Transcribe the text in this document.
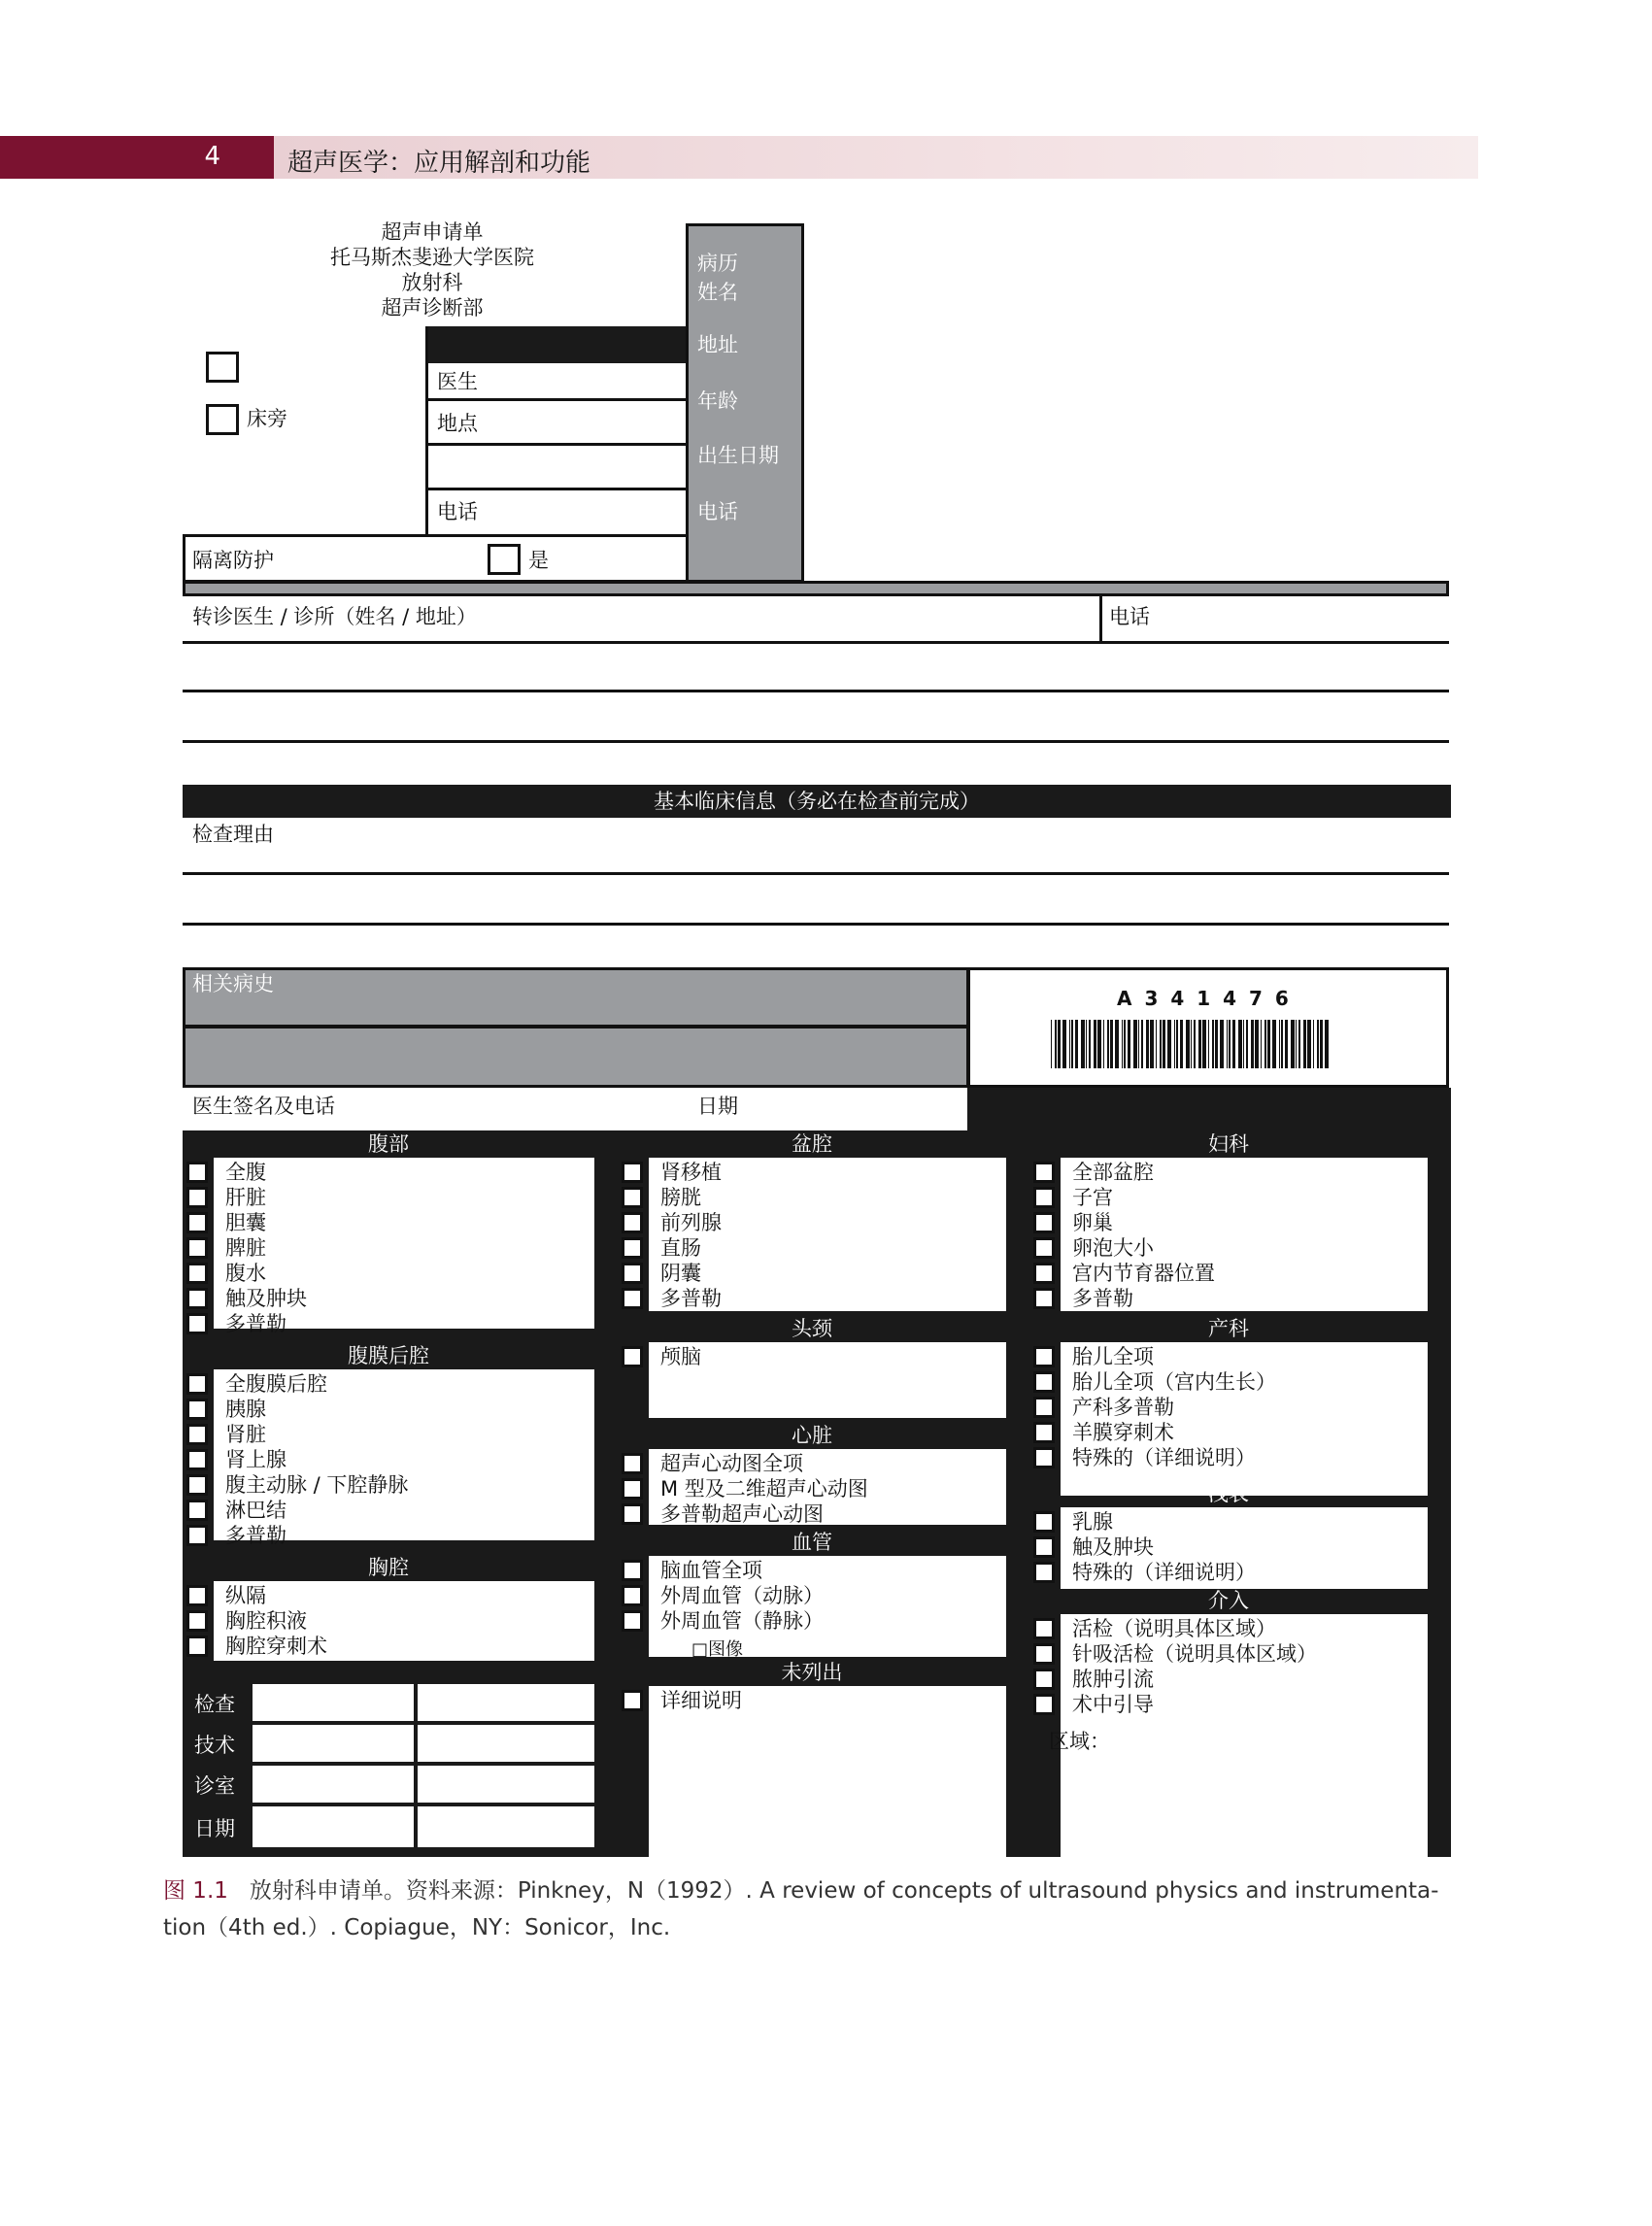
4	超声医学：应用解剖和功能
超声申请单
托马斯杰斐逊大学医院
放射科
超声诊断部
床旁
医生
地点
电话
病历
姓名
地址
年龄
出生日期
电话
隔离防护	是
转诊医生 / 诊所（姓名 / 地址）	电话
基本临床信息（务必在检查前完成）
检查理由
相关病史
A 3 4 1 4 7 6
医生签名及电话	日期
腹部
全腹
肝脏
胆囊
脾脏
腹水
触及肿块
多普勒
腹膜后腔
全腹膜后腔
胰腺
肾脏
肾上腺
腹主动脉 / 下腔静脉
淋巴结
多普勒
胸腔
纵隔
胸腔积液
胸腔穿刺术
盆腔
肾移植
膀胱
前列腺
直肠
阴囊
多普勒
头颈
颅脑
心脏
超声心动图全项
M 型及二维超声心动图
多普勒超声心动图
血管
脑血管全项
外周血管（动脉）
外周血管（静脉）
□图像
未列出
详细说明
妇科
全部盆腔
子宫
卵巢
卵泡大小
宫内节育器位置
多普勒
产科
胎儿全项
胎儿全项（宫内生长）
产科多普勒
羊膜穿刺术
特殊的（详细说明）
浅表
乳腺
触及肿块
特殊的（详细说明）
介入
活检（说明具体区域）
针吸活检（说明具体区域）
脓肿引流
术中引导
区域：
检查
技术
诊室
日期
图 1.1 放射科申请单。资料来源：Pinkney，N（1992）. A review of concepts of ultrasound physics and instrumenta-
tion（4th ed.）. Copiague，NY：Sonicor，Inc.
